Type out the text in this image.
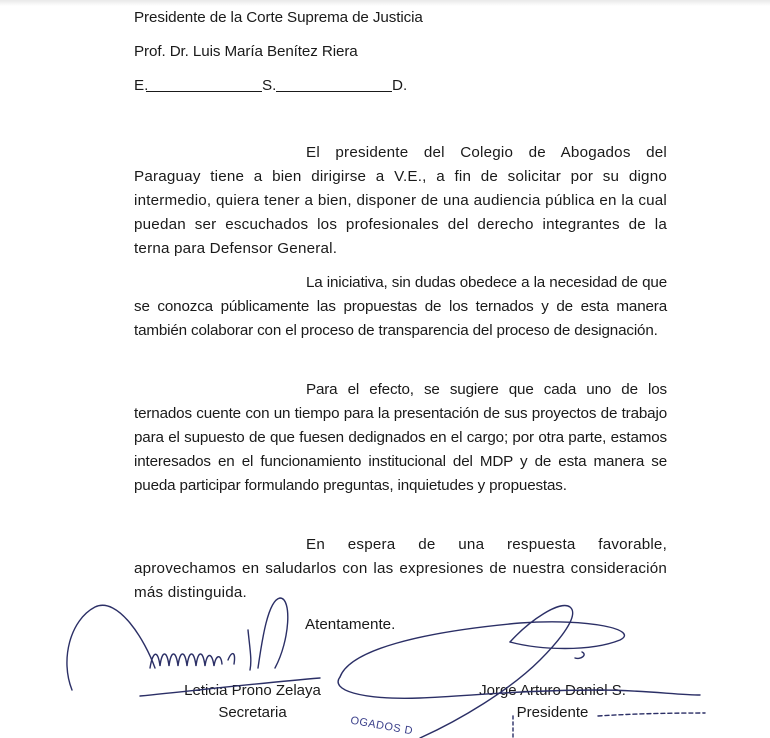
Presidente de la Corte Suprema de Justicia
Prof. Dr. Luis María Benítez Riera
E.	S.	D.
El presidente del Colegio de Abogados del Paraguay tiene a bien dirigirse a V.E., a fin de solicitar por su digno intermedio, quiera tener a bien, disponer de una audiencia pública en la cual puedan ser escuchados los profesionales del derecho integrantes de la terna para Defensor General.
La iniciativa, sin dudas obedece a la necesidad de que se conozca públicamente las propuestas de los ternados y de esta manera también colaborar con el proceso de transparencia del proceso de designación.
Para el efecto, se sugiere que cada uno de los ternados cuente con un tiempo para la presentación de sus proyectos de trabajo para el supuesto de que fuesen dedignados en el cargo; por otra parte, estamos interesados en el funcionamiento institucional del MDP y de esta manera se pueda participar formulando preguntas, inquietudes y propuestas.
En espera de una respuesta favorable, aprovechamos en saludarlos con las expresiones de nuestra consideración más distinguida.
Atentamente.
Leticia Prono Zelaya
Secretaria
Jorge Arturo Daniel S.
Presidente
OGADOS D
